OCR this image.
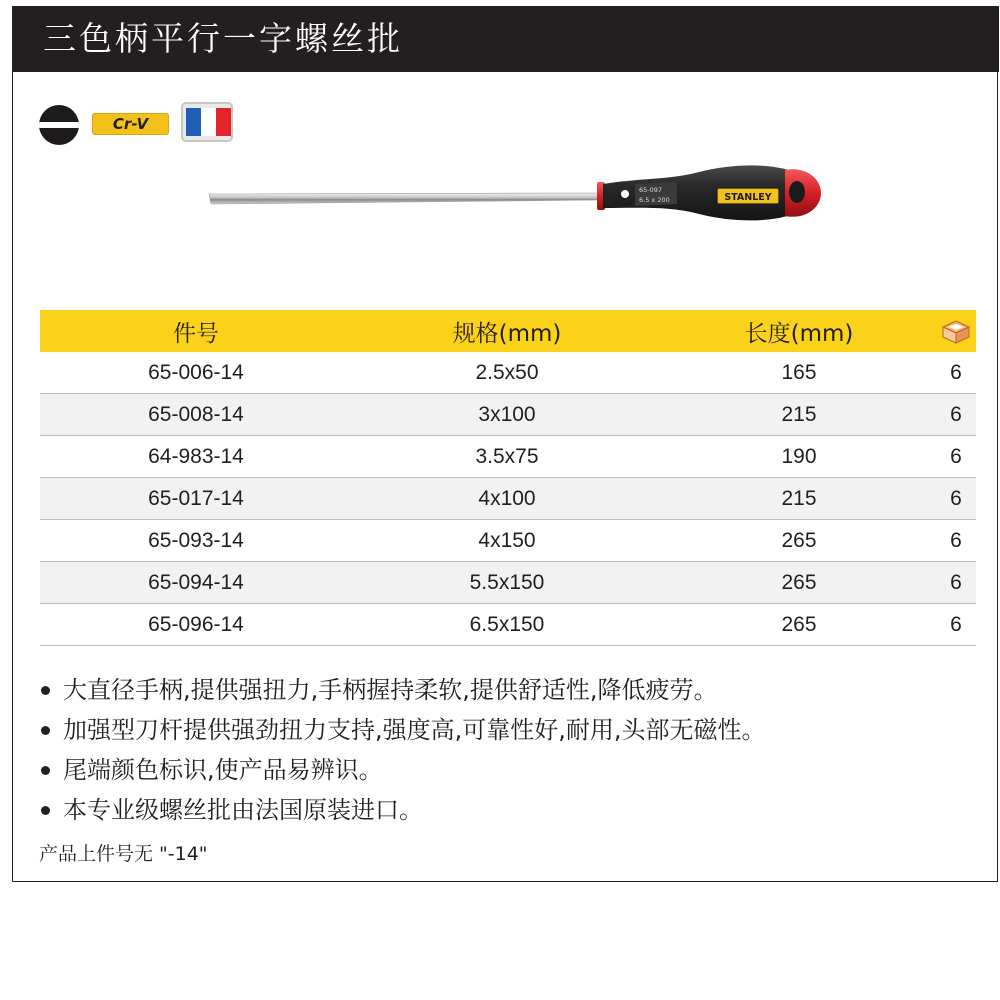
三色柄平行一字螺丝批
Cr-V
65-097
6.5 x 200	STANLEY
件号	规格(mm)	长度(mm)	
65-006-14	2.5x50	165	6
65-008-14	3x100	215	6
64-983-14	3.5x75	190	6
65-017-14	4x100	215	6
65-093-14	4x150	265	6
65-094-14	5.5x150	265	6
65-096-14	6.5x150	265	6
大直径手柄,提供强扭力,手柄握持柔软,提供舒适性,降低疲劳。
加强型刀杆提供强劲扭力支持,强度高,可靠性好,耐用,头部无磁性。
尾端颜色标识,使产品易辨识。
本专业级螺丝批由法国原装进口。
产品上件号无 "-14"
